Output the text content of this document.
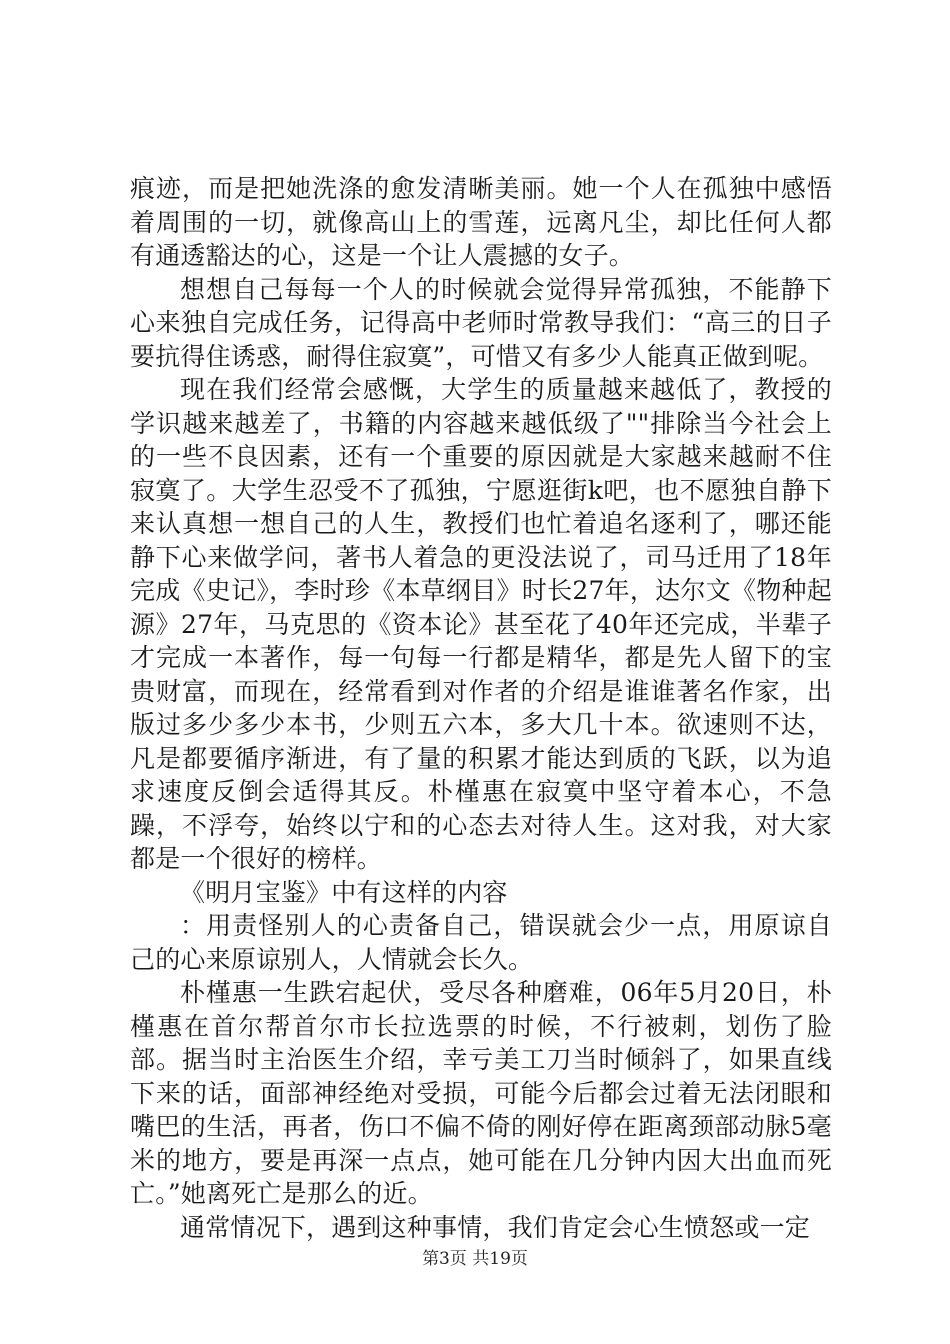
痕迹，而是把她洗涤的愈发清晰美丽。她一个人在孤独中感悟着周围的一切，就像高山上的雪莲，远离凡尘，却比任何人都有通透豁达的心，这是一个让人震撼的女子。

想想自己每每一个人的时候就会觉得异常孤独，不能静下心来独自完成任务，记得高中老师时常教导我们：“高三的日子要抗得住诱惑，耐得住寂寞”，可惜又有多少人能真正做到呢。

现在我们经常会感慨，大学生的质量越来越低了，教授的学识越来越差了，书籍的内容越来越低级了""排除当今社会上的一些不良因素，还有一个重要的原因就是大家越来越耐不住寂寞了。大学生忍受不了孤独，宁愿逛街k吧，也不愿独自静下来认真想一想自己的人生，教授们也忙着追名逐利了，哪还能静下心来做学问，著书人着急的更没法说了，司马迁用了18年完成《史记》，李时珍《本草纲目》时长27年，达尔文《物种起源》27年，马克思的《资本论》甚至花了40年还完成，半辈子才完成一本著作，每一句每一行都是精华，都是先人留下的宝贵财富，而现在，经常看到对作者的介绍是谁谁著名作家，出版过多少多少本书，少则五六本，多大几十本。欲速则不达，凡是都要循序渐进，有了量的积累才能达到质的飞跃，以为追求速度反倒会适得其反。朴槿惠在寂寞中坚守着本心，不急躁，不浮夸，始终以宁和的心态去对待人生。这对我，对大家都是一个很好的榜样。

《明月宝鉴》中有这样的内容

：用责怪别人的心责备自己，错误就会少一点，用原谅自己的心来原谅别人，人情就会长久。

朴槿惠一生跌宕起伏，受尽各种磨难，06年5月20日，朴槿惠在首尔帮首尔市长拉选票的时候，不行被刺，划伤了脸部。据当时主治医生介绍，幸亏美工刀当时倾斜了，如果直线下来的话，面部神经绝对受损，可能今后都会过着无法闭眼和嘴巴的生活，再者，伤口不偏不倚的刚好停在距离颈部动脉5毫米的地方，要是再深一点点，她可能在几分钟内因大出血而死亡。”她离死亡是那么的近。

通常情况下，遇到这种事情，我们肯定会心生愤怒或一定

第3页 共19页
